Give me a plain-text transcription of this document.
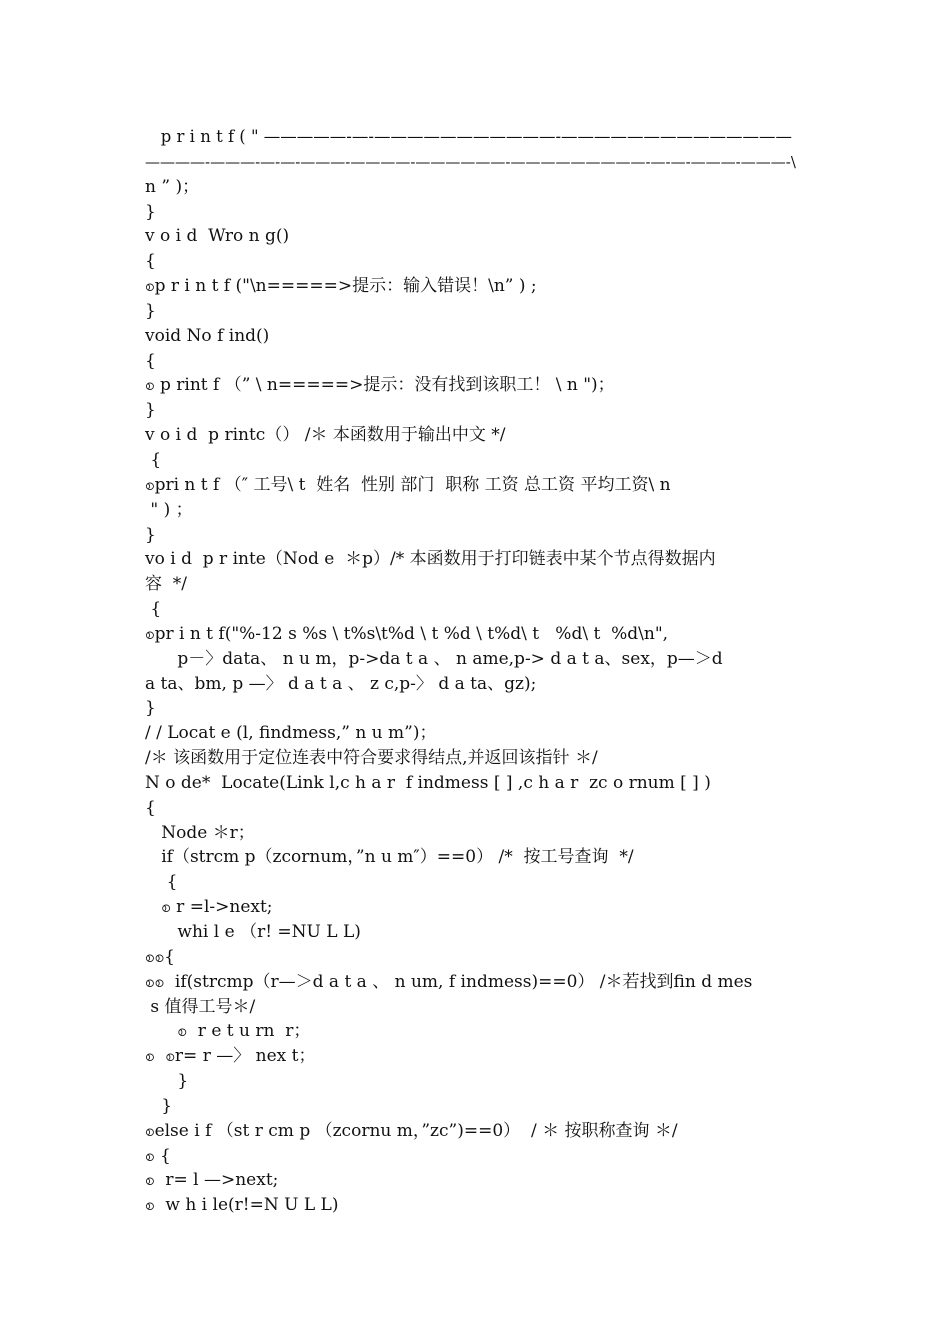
p r i n t f ( " —————-—-———————————-——————————————
————-———-—-—-———-————-——————-—————————-—-—-———-———-\
n ” )；
}
v o i d  Wro n g()
{
စp r i n t f ("\n=====>提示：输入错误！\n” ) ;
}
void No f ind()
{
စ p rint f （” \ n=====>提示：没有找到该职工！ \ n ")；
}
v o i d  p rintc（） /＊ 本函数用于输出中文 */
{
စpri n t f （″ 工号\ t  姓名  性别 部门  职称 工资 总工资 平均工资\ n
" ) ；
}
vo i d  p r inte（Nod e  ＊p）/* 本函数用于打印链表中某个节点得数据内
容  */
{
စpr i n t f("%-12 s %s \ t%s\t%d \ t %d \ t%d\ t   %d\ t  %d\n",
p－〉data、 n u m，p->da t a 、 n ame,p-> d a t a、sex，p—＞d
a ta、bm, p —〉 d a t a 、 z c,p-〉 d a ta、gz);
}
/ / Locat e (l, findmess,” n u m”)；
/＊ 该函数用于定位连表中符合要求得结点,并返回该指针 ＊/
N o de*  Locate(Link l,c h a r  f indmess [ ] ,c h a r  zc o rnum [ ] )
{
Node ＊r；
if（strcm p（zcornum，”n u m″）==0） /*  按工号查询  */
{
စ r =l->next;
whi l e （r! =NU L L)
စစ{
စစ  if(strcmp（r—＞d a t a 、 n um, f indmess)==0） /＊若找到fin d mes
s 值得工号＊/
စ  r e t u rn  r；
စ  စr= r —〉 nex t；
}
}
စelse i f （st r cm p （zcornu m，”zc”)==0）  / ＊ 按职称查询 ＊/
စ {
စ  r= l —>next;
စ  w h i le(r!=N U L L)
